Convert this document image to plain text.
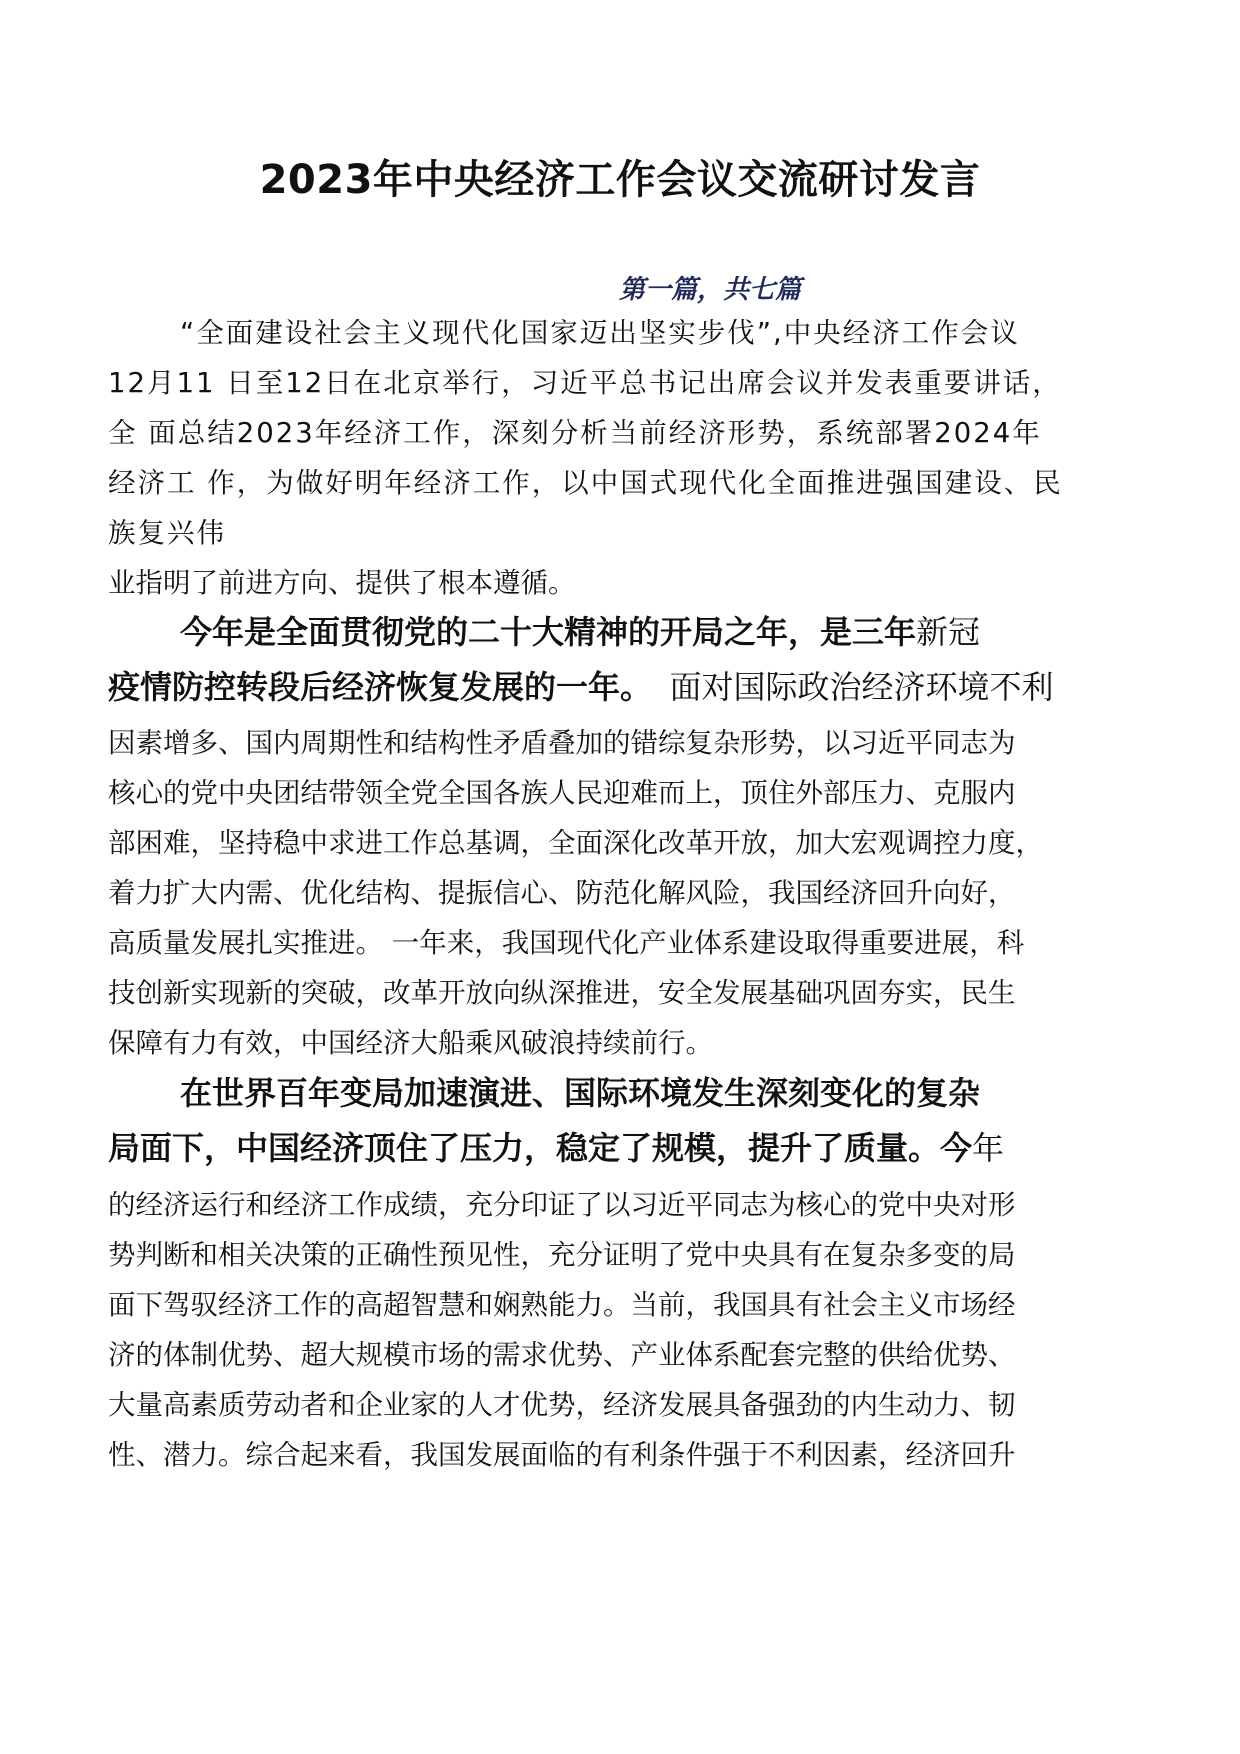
2023年中央经济工作会议交流研讨发言
第一篇，共七篇
“全面建设社会主义现代化国家迈出坚实步伐”,中央经济工作会议
12月11 日至12日在北京举行，习近平总书记出席会议并发表重要讲话，
全 面总结2023年经济工作，深刻分析当前经济形势，系统部署2024年
经济工 作，为做好明年经济工作，以中国式现代化全面推进强国建设、民
族复兴伟
业指明了前进方向、提供了根本遵循。
今年是全面贯彻党的二十大精神的开局之年，是三年新冠
疫情防控转段后经济恢复发展的一年。 面对国际政治经济环境不利
因素增多、国内周期性和结构性矛盾叠加的错综复杂形势，以习近平同志为
核心的党中央团结带领全党全国各族人民迎难而上，顶住外部压力、克服内
部困难，坚持稳中求进工作总基调，全面深化改革开放，加大宏观调控力度，
着力扩大内需、优化结构、提振信心、防范化解风险，我国经济回升向好，
高质量发展扎实推进。 一年来，我国现代化产业体系建设取得重要进展，科
技创新实现新的突破，改革开放向纵深推进，安全发展基础巩固夯实，民生
保障有力有效，中国经济大船乘风破浪持续前行。
在世界百年变局加速演进、国际环境发生深刻变化的复杂
局面下，中国经济顶住了压力，稳定了规模，提升了质量。今年
的经济运行和经济工作成绩，充分印证了以习近平同志为核心的党中央对形
势判断和相关决策的正确性预见性，充分证明了党中央具有在复杂多变的局
面下驾驭经济工作的高超智慧和娴熟能力。当前，我国具有社会主义市场经
济的体制优势、超大规模市场的需求优势、产业体系配套完整的供给优势、
大量高素质劳动者和企业家的人才优势，经济发展具备强劲的内生动力、韧
性、潜力。综合起来看，我国发展面临的有利条件强于不利因素，经济回升
